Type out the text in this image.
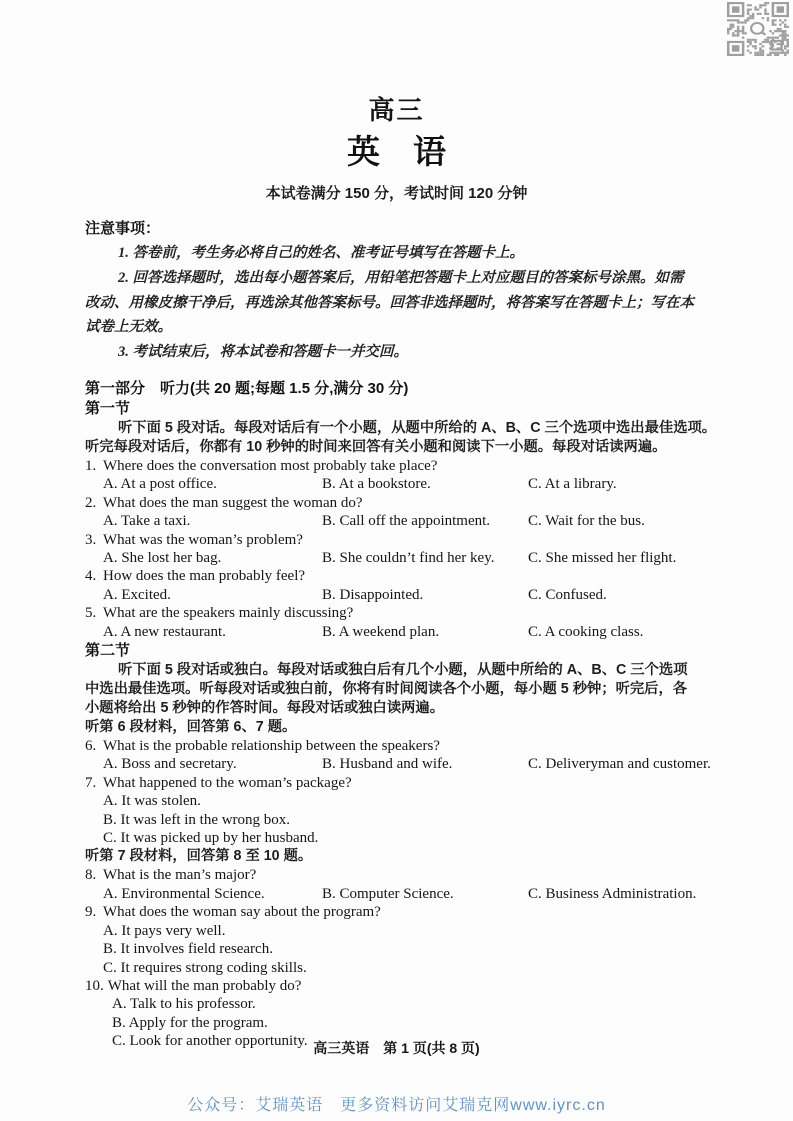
高三
英　语
本试卷满分 150 分，考试时间 120 分钟
注意事项：
1. 答卷前，考生务必将自己的姓名、准考证号填写在答题卡上。
2. 回答选择题时，选出每小题答案后，用铅笔把答题卡上对应题目的答案标号涂黑。如需
改动、用橡皮擦干净后，再选涂其他答案标号。回答非选择题时，将答案写在答题卡上；写在本
试卷上无效。
3. 考试结束后，将本试卷和答题卡一并交回。
第一部分　听力(共 20 题;每题 1.5 分,满分 30 分)
第一节
听下面 5 段对话。每段对话后有一个小题，从题中所给的 A、B、C 三个选项中选出最佳选项。
听完每段对话后，你都有 10 秒钟的时间来回答有关小题和阅读下一小题。每段对话读两遍。
1. Where does the conversation most probably take place?
A. At a post office.	B. At a bookstore.	C. At a library.
2. What does the man suggest the woman do?
A. Take a taxi.	B. Call off the appointment.	C. Wait for the bus.
3. What was the woman’s problem?
A. She lost her bag.	B. She couldn’t find her key.	C. She missed her flight.
4. How does the man probably feel?
A. Excited.	B. Disappointed.	C. Confused.
5. What are the speakers mainly discussing?
A. A new restaurant.	B. A weekend plan.	C. A cooking class.
第二节
听下面 5 段对话或独白。每段对话或独白后有几个小题，从题中所给的 A、B、C 三个选项
中选出最佳选项。听每段对话或独白前，你将有时间阅读各个小题，每小题 5 秒钟；听完后，各
小题将给出 5 秒钟的作答时间。每段对话或独白读两遍。
听第 6 段材料，回答第 6、7 题。
6. What is the probable relationship between the speakers?
A. Boss and secretary.	B. Husband and wife.	C. Deliveryman and customer.
7. What happened to the woman’s package?
A. It was stolen.
B. It was left in the wrong box.
C. It was picked up by her husband.
听第 7 段材料，回答第 8 至 10 题。
8. What is the man’s major?
A. Environmental Science.	B. Computer Science.	C. Business Administration.
9. What does the woman say about the program?
A. It pays very well.
B. It involves field research.
C. It requires strong coding skills.
10. What will the man probably do?
A. Talk to his professor.
B. Apply for the program.
C. Look for another opportunity. 高三英语　第 1 页(共 8 页)
公众号：艾瑞英语　更多资料访问艾瑞克网www.iyrc.cn
